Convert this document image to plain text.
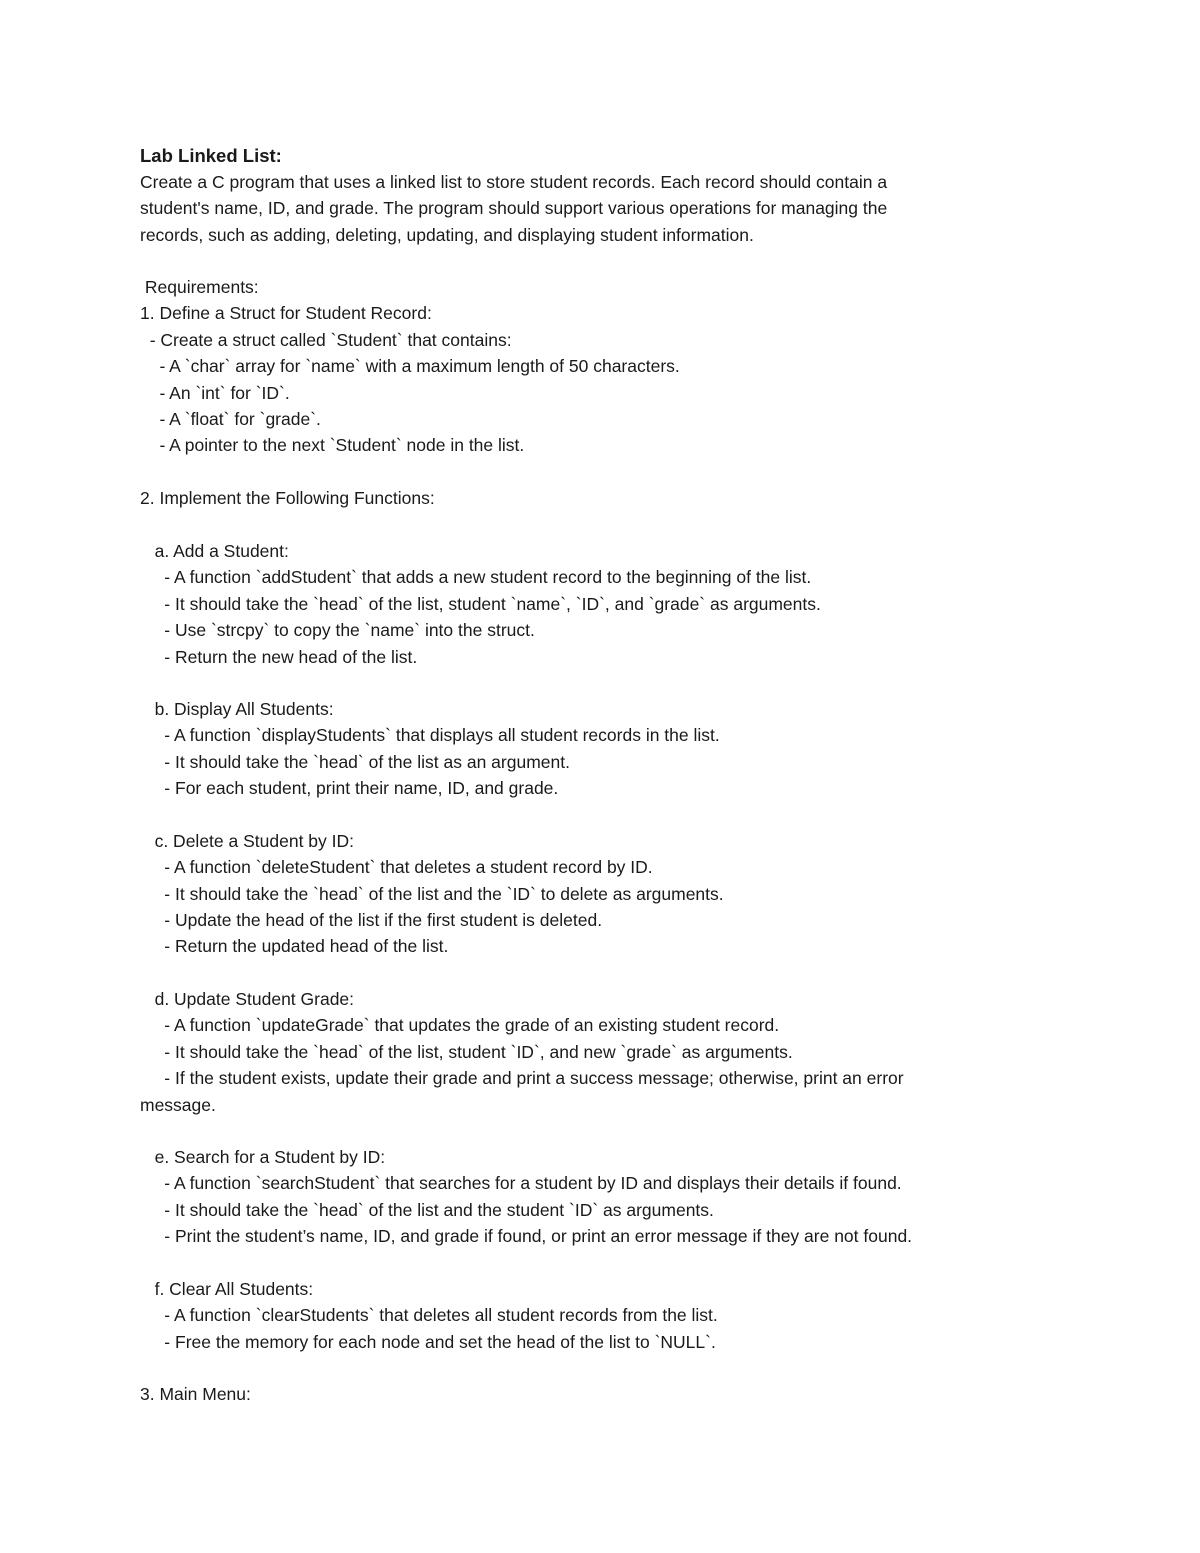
Lab Linked List:

Create a C program that uses a linked list to store student records. Each record should contain a

student's name, ID, and grade. The program should support various operations for managing the

records, such as adding, deleting, updating, and displaying student information.

Requirements:

1. Define a Struct for Student Record:

- Create a struct called `Student` that contains:

- A `char` array for `name` with a maximum length of 50 characters.

- An `int` for `ID`.

- A `float` for `grade`.

- A pointer to the next `Student` node in the list.

2. Implement the Following Functions:

a. Add a Student:

- A function `addStudent` that adds a new student record to the beginning of the list.

- It should take the `head` of the list, student `name`, `ID`, and `grade` as arguments.

- Use `strcpy` to copy the `name` into the struct.

- Return the new head of the list.

b. Display All Students:

- A function `displayStudents` that displays all student records in the list.

- It should take the `head` of the list as an argument.

- For each student, print their name, ID, and grade.

c. Delete a Student by ID:

- A function `deleteStudent` that deletes a student record by ID.

- It should take the `head` of the list and the `ID` to delete as arguments.

- Update the head of the list if the first student is deleted.

- Return the updated head of the list.

d. Update Student Grade:

- A function `updateGrade` that updates the grade of an existing student record.

- It should take the `head` of the list, student `ID`, and new `grade` as arguments.

- If the student exists, update their grade and print a success message; otherwise, print an error

message.

e. Search for a Student by ID:

- A function `searchStudent` that searches for a student by ID and displays their details if found.

- It should take the `head` of the list and the student `ID` as arguments.

- Print the student’s name, ID, and grade if found, or print an error message if they are not found.

f. Clear All Students:

- A function `clearStudents` that deletes all student records from the list.

- Free the memory for each node and set the head of the list to `NULL`.

3. Main Menu:
